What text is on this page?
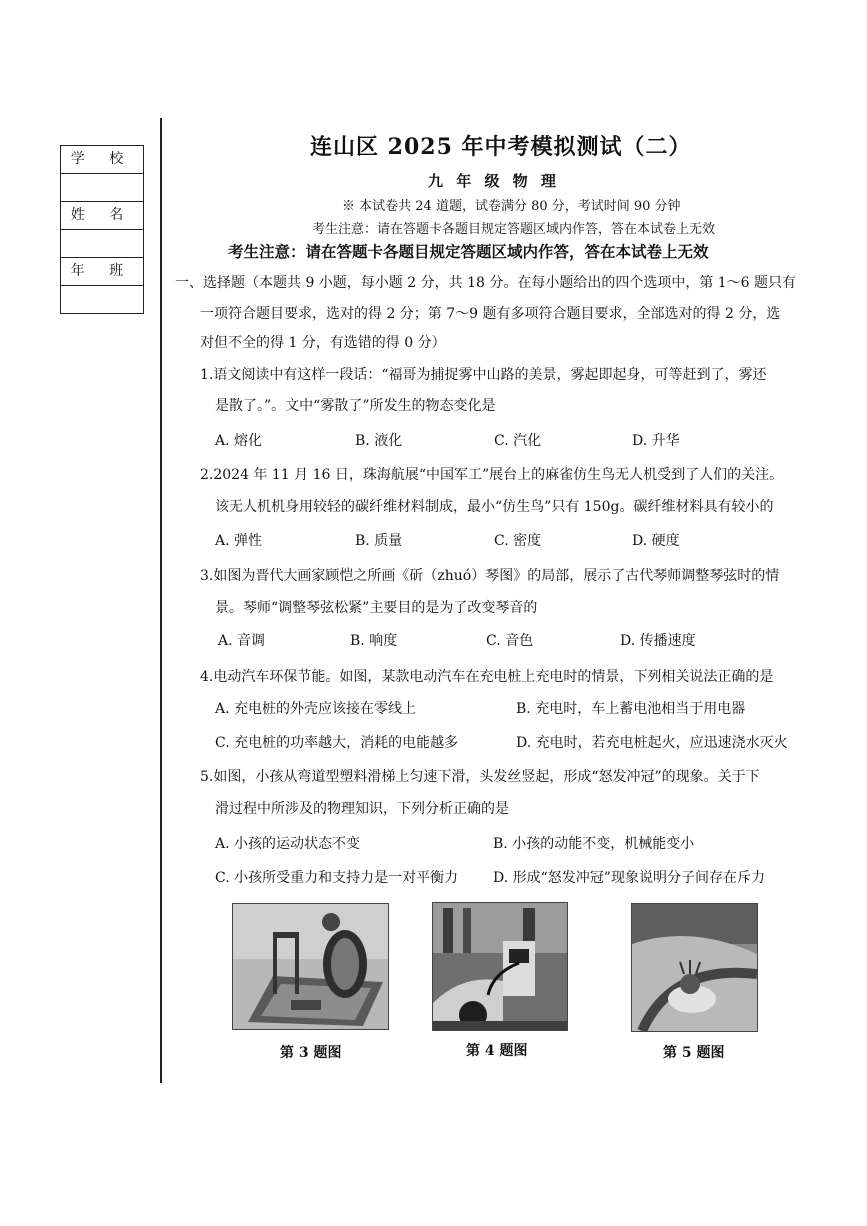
学 校
姓 名
年 班
连山区 2025 年中考模拟测试（二）
九 年 级 物 理
※ 本试卷共 24 道题，试卷满分 80 分，考试时间 90 分钟
考生注意：请在答题卡各题目规定答题区域内作答，答在本试卷上无效
考生注意：请在答题卡各题目规定答题区域内作答，答在本试卷上无效
一、选择题（本题共 9 小题，每小题 2 分，共 18 分。在每小题给出的四个选项中，第 1～6 题只有
一项符合题目要求，选对的得 2 分；第 7～9 题有多项符合题目要求，全部选对的得 2 分，选
对但不全的得 1 分，有选错的得 0 分）
1.语文阅读中有这样一段话：“福哥为捕捉雾中山路的美景，雾起即起身，可等赶到了，雾还
是散了。”。文中“雾散了”所发生的物态变化是
A. 熔化	B. 液化	C. 汽化	D. 升华
2.2024 年 11 月 16 日，珠海航展“中国军工”展台上的麻雀仿生鸟无人机受到了人们的关注。
该无人机机身用较轻的碳纤维材料制成，最小“仿生鸟”只有 150g。碳纤维材料具有较小的
A. 弹性	B. 质量	C. 密度	D. 硬度
3.如图为晋代大画家顾恺之所画《斫（zhuó）琴图》的局部，展示了古代琴师调整琴弦时的情
景。琴师“调整琴弦松紧”主要目的是为了改变琴音的
A. 音调	B. 响度	C. 音色	D. 传播速度
4.电动汽车环保节能。如图，某款电动汽车在充电桩上充电时的情景，下列相关说法正确的是
A. 充电桩的外壳应该接在零线上	B. 充电时，车上蓄电池相当于用电器
C. 充电桩的功率越大，消耗的电能越多	D. 充电时，若充电桩起火，应迅速浇水灭火
5.如图，小孩从弯道型塑料滑梯上匀速下滑，头发丝竖起，形成“怒发冲冠”的现象。关于下
滑过程中所涉及的物理知识，下列分析正确的是
A. 小孩的运动状态不变	B. 小孩的动能不变，机械能变小
C. 小孩所受重力和支持力是一对平衡力 D. 形成“怒发冲冠”现象说明分子间存在斥力
第 3 题图	第 4 题图	第 5 题图
